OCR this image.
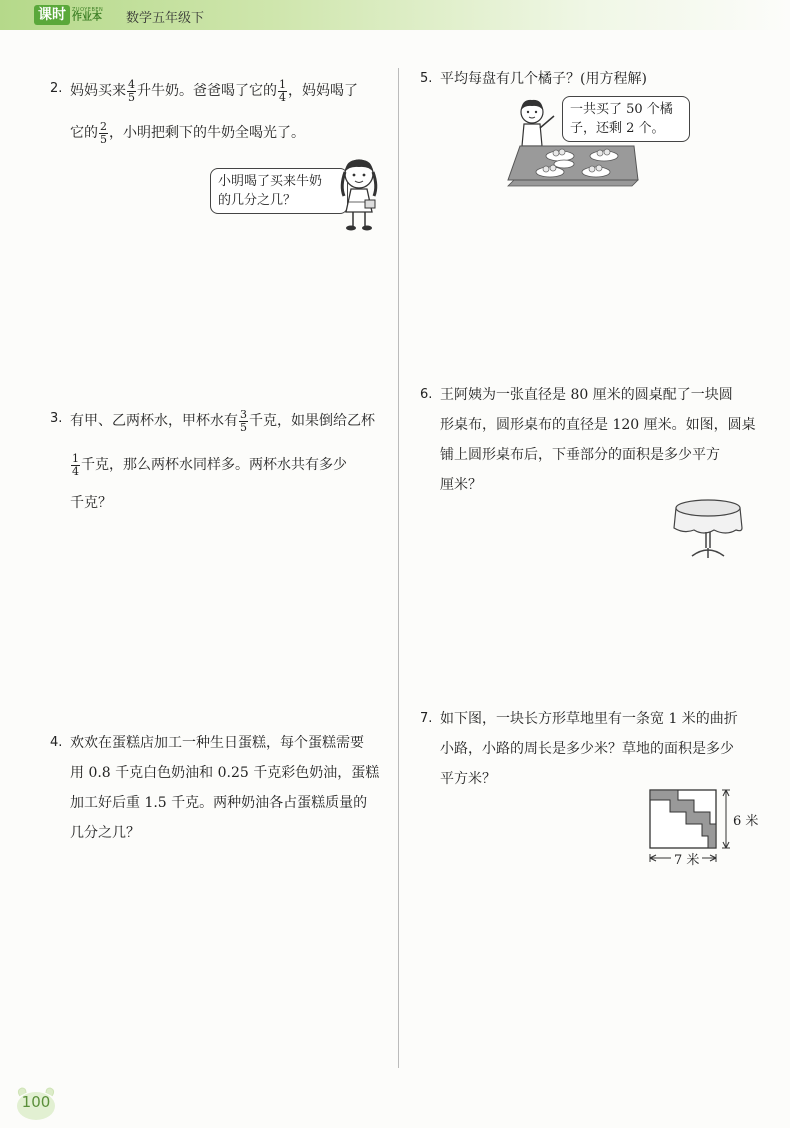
课时	ZUOYEBEN
作业本 数学五年级下
2. 妈妈买来 $\frac{4}{5}$ 升牛奶。爸爸喝了它的 $\frac{1}{4}$ ，妈妈喝了
它的 $\frac{2}{5}$ ，小明把剩下的牛奶全喝光了。
小明喝了买来牛奶
的几分之几？
3. 有甲、乙两杯水，甲杯水有 $\frac{3}{5}$ 千克，如果倒给乙杯
$\frac{1}{4}$ 千克，那么两杯水同样多。两杯水共有多少
千克？
4. 欢欢在蛋糕店加工一种生日蛋糕，每个蛋糕需要
用 0.8 千克白色奶油和 0.25 千克彩色奶油，蛋糕
加工好后重 1.5 千克。两种奶油各占蛋糕质量的
几分之几？
5. 平均每盘有几个橘子？(用方程解)
一共买了 50 个橘
子，还剩 2 个。
6. 王阿姨为一张直径是 80 厘米的圆桌配了一块圆
形桌布，圆形桌布的直径是 120 厘米。如图，圆桌
铺上圆形桌布后，下垂部分的面积是多少平方
厘米？
7. 如下图，一块长方形草地里有一条宽 1 米的曲折
小路，小路的周长是多少米？草地的面积是多少
平方米？
6 米
7 米
100
